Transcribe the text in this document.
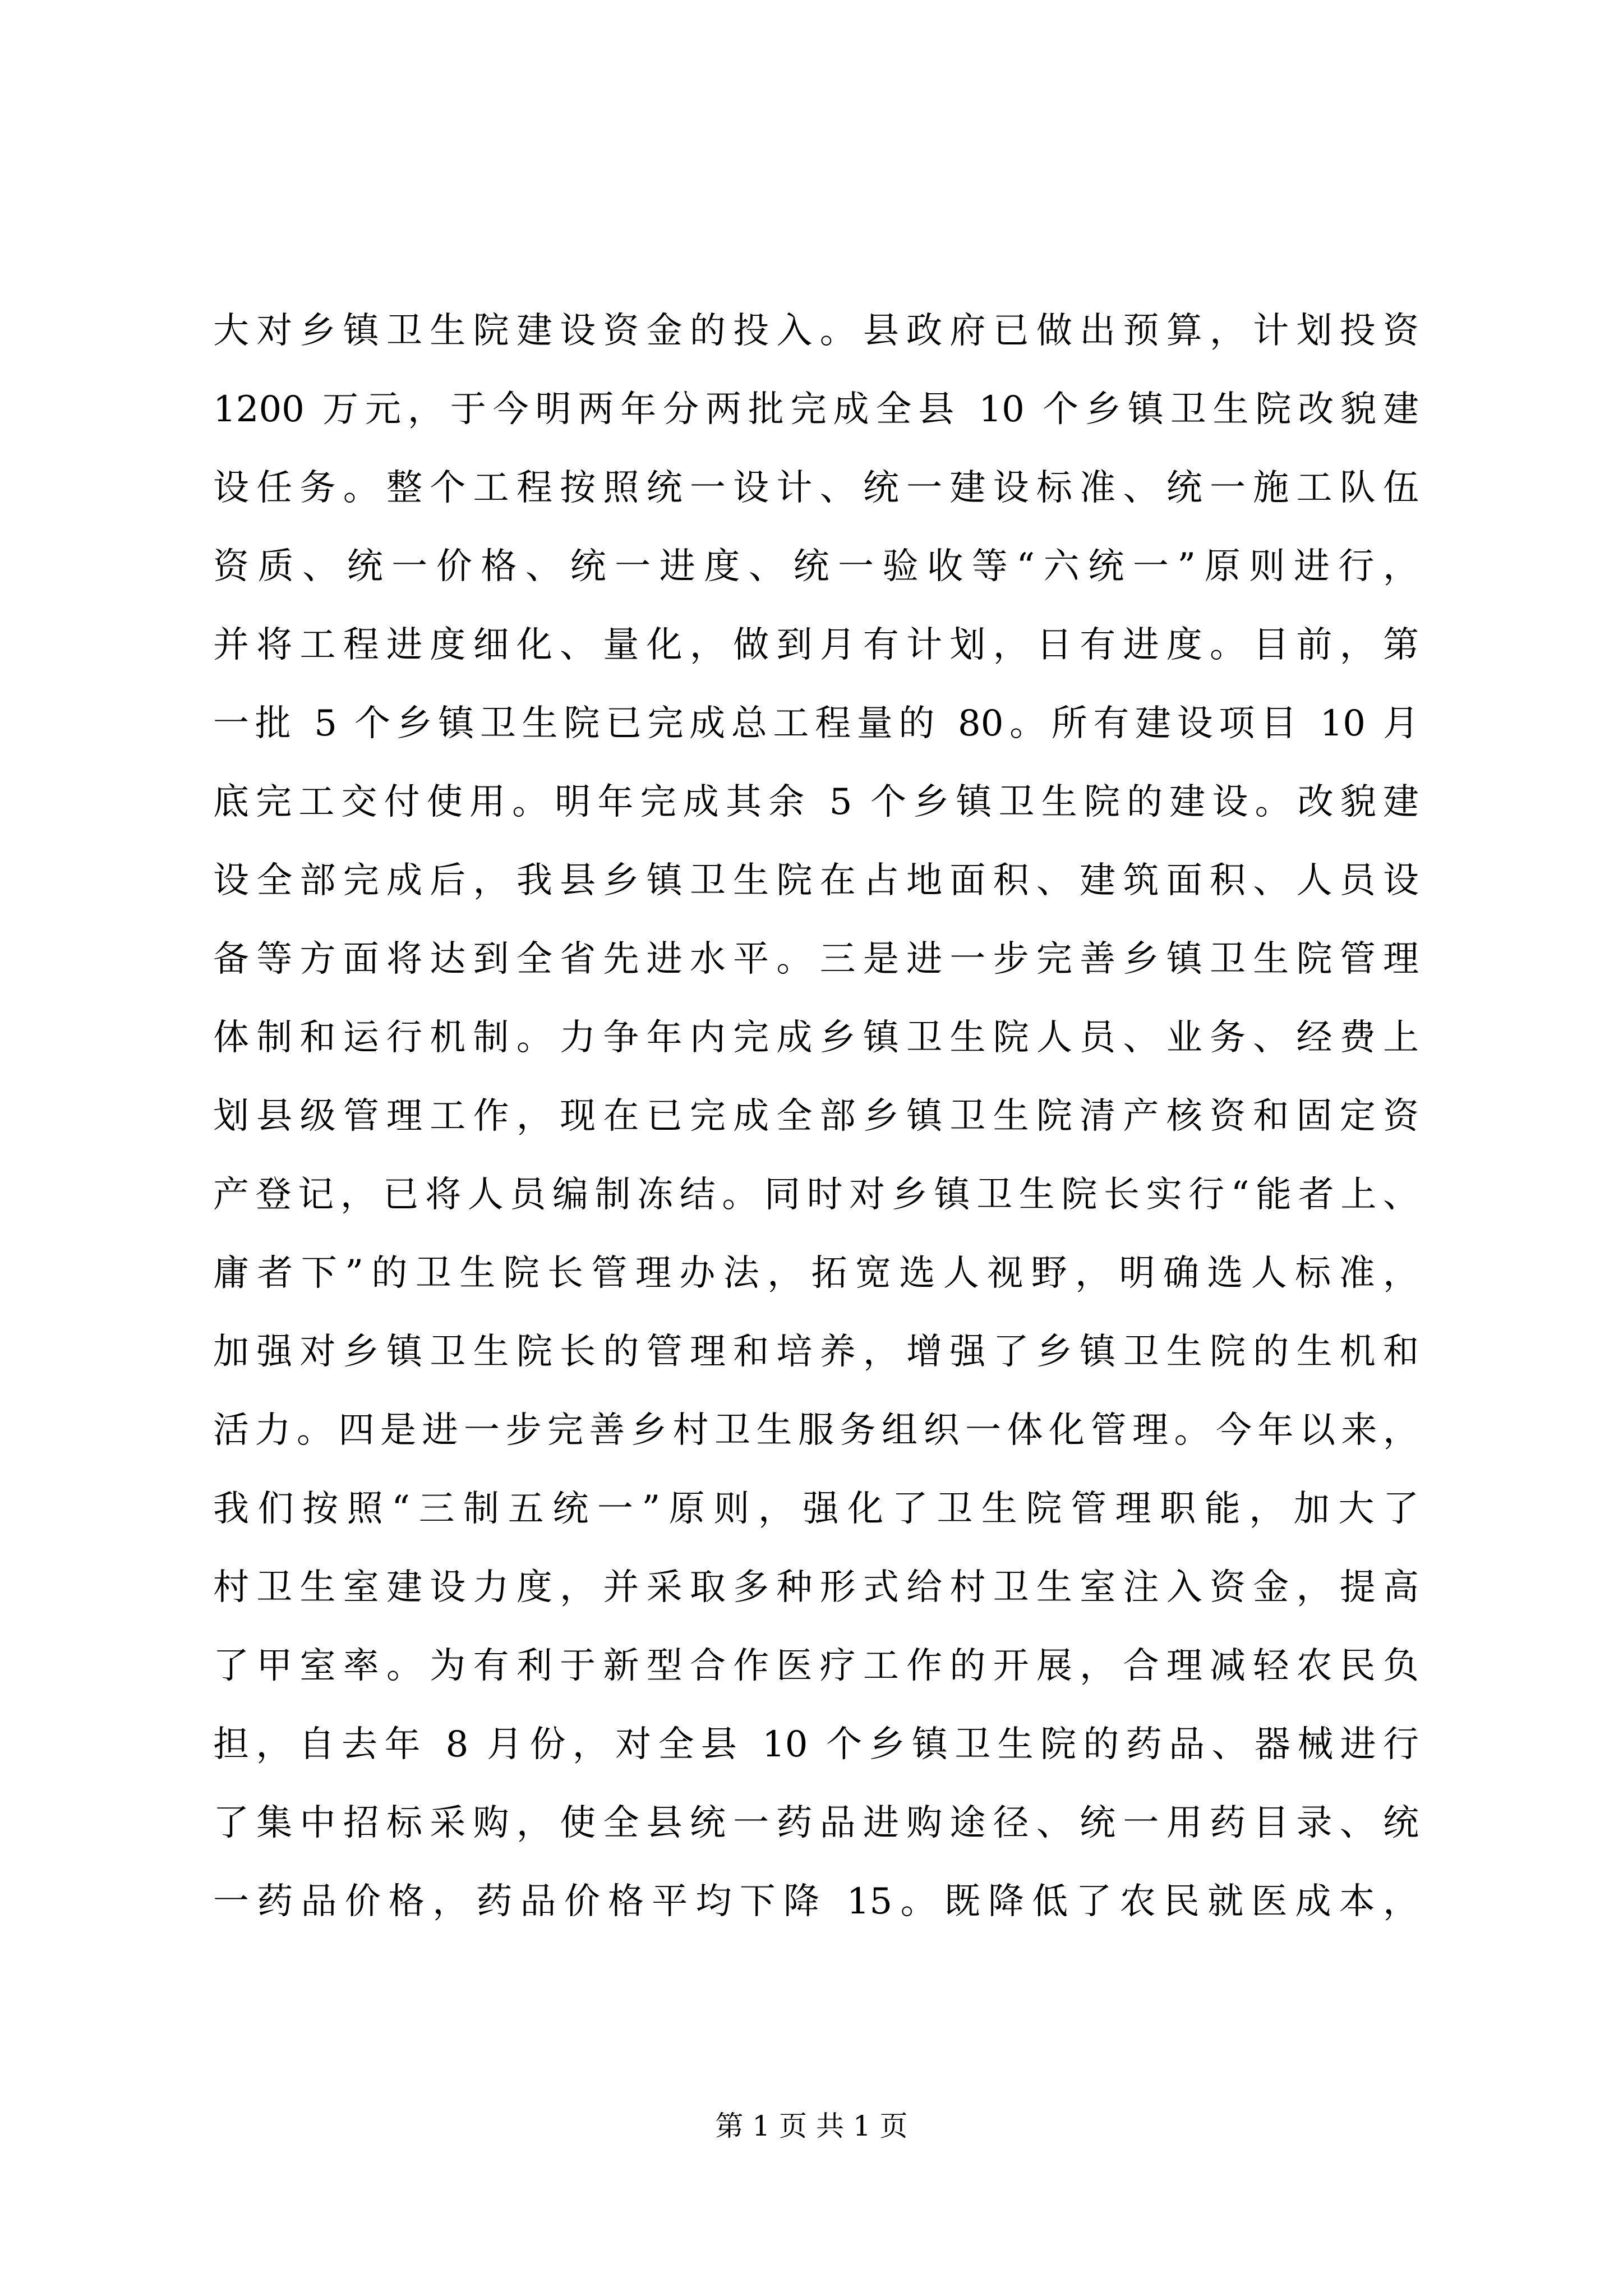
大对乡镇卫生院建设资金的投入。县政府已做出预算，计划投资
1200 万元，于今明两年分两批完成全县 10 个乡镇卫生院改貌建
设任务。整个工程按照统一设计、统一建设标准、统一施工队伍
资质、统一价格、统一进度、统一验收等“六统一”原则进行，
并将工程进度细化、量化，做到月有计划，日有进度。目前，第
一批 5 个乡镇卫生院已完成总工程量的 80。所有建设项目 10 月
底完工交付使用。明年完成其余 5 个乡镇卫生院的建设。改貌建
设全部完成后，我县乡镇卫生院在占地面积、建筑面积、人员设
备等方面将达到全省先进水平。三是进一步完善乡镇卫生院管理
体制和运行机制。力争年内完成乡镇卫生院人员、业务、经费上
划县级管理工作，现在已完成全部乡镇卫生院清产核资和固定资
产登记，已将人员编制冻结。同时对乡镇卫生院长实行“能者上、
庸者下”的卫生院长管理办法，拓宽选人视野，明确选人标准，
加强对乡镇卫生院长的管理和培养，增强了乡镇卫生院的生机和
活力。四是进一步完善乡村卫生服务组织一体化管理。今年以来，
我们按照“三制五统一”原则，强化了卫生院管理职能，加大了
村卫生室建设力度，并采取多种形式给村卫生室注入资金，提高
了甲室率。为有利于新型合作医疗工作的开展，合理减轻农民负
担，自去年 8 月份，对全县 10 个乡镇卫生院的药品、器械进行
了集中招标采购，使全县统一药品进购途径、统一用药目录、统
一药品价格，药品价格平均下降 15。既降低了农民就医成本，
第 1 页 共 1 页
